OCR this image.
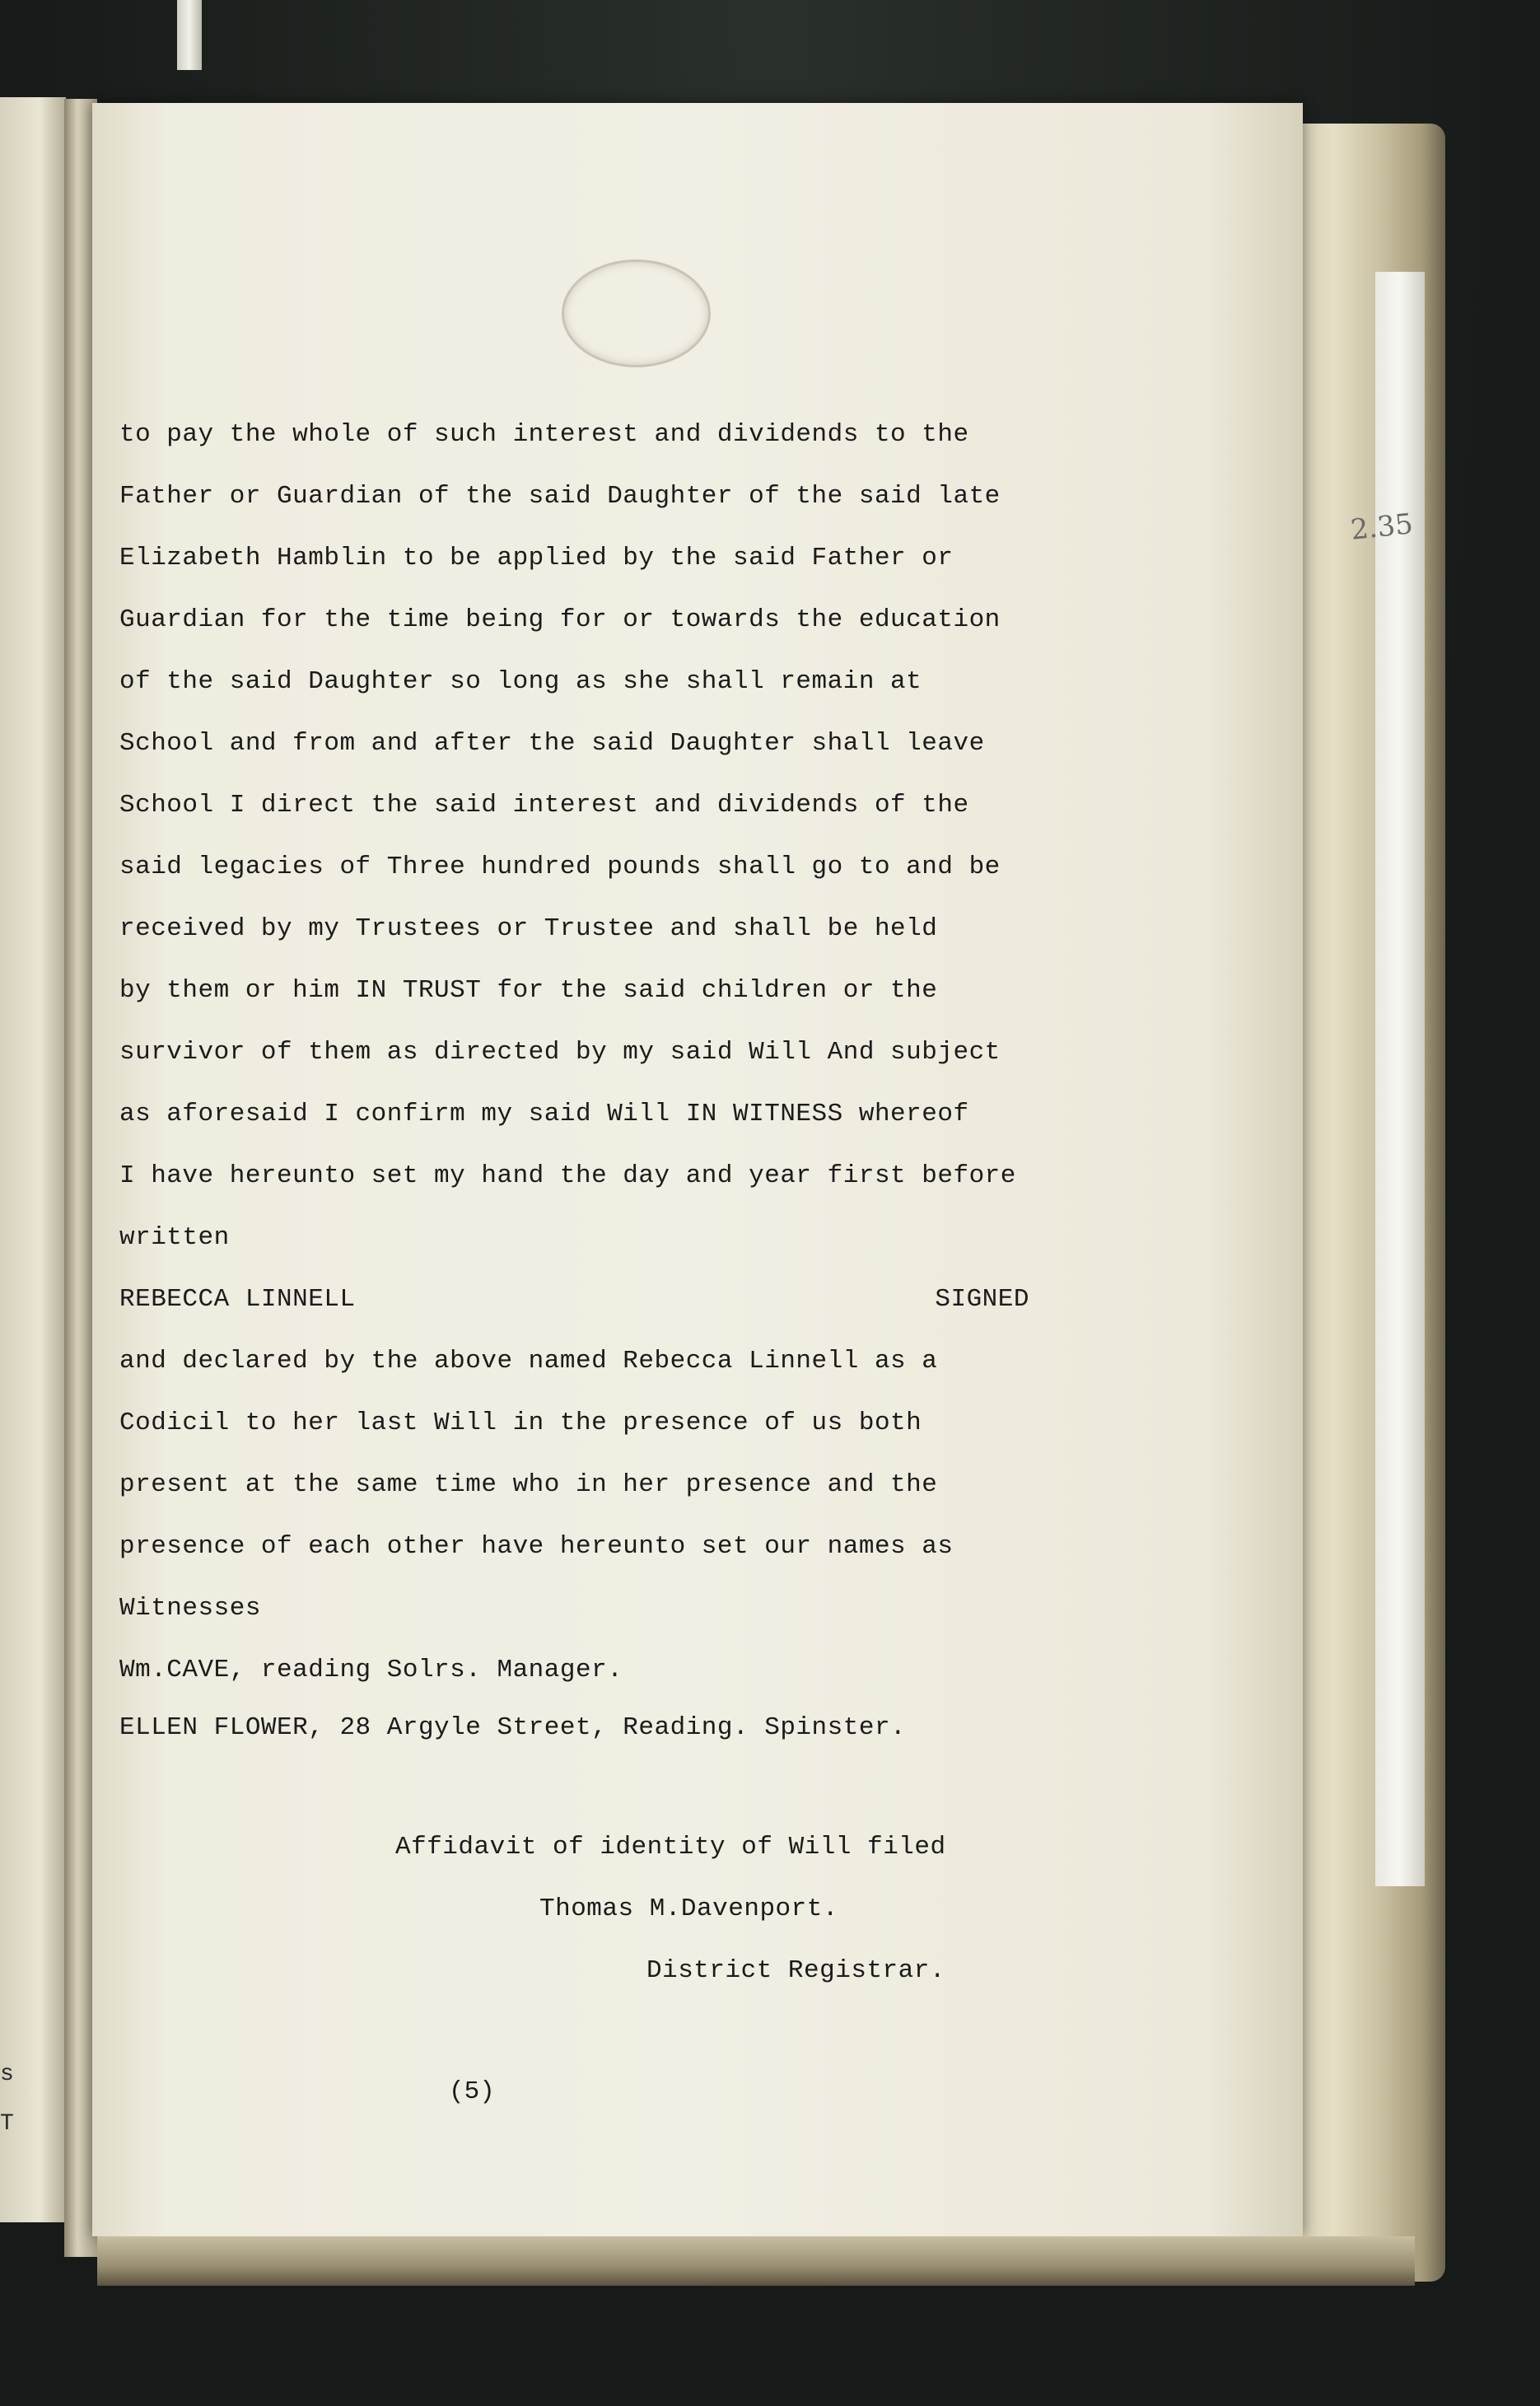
s
T
2.35
to pay the whole of such interest and dividends to the
Father or Guardian of the said Daughter of the said late
Elizabeth Hamblin to be applied by the said Father or
Guardian for the time being for or towards the education
of the said Daughter so long as she shall remain at
School and from and after the said Daughter shall leave
School I direct the said interest and dividends of the
said legacies of Three hundred pounds shall go to and be
received by my Trustees or Trustee and shall be held
by them or him IN TRUST for the said children or the
survivor of them as directed by my said Will And subject
as aforesaid I confirm my said Will IN WITNESS whereof
I have hereunto set my hand the day and year first before
written
REBECCA LINNELL	SIGNED
and declared by the above named Rebecca Linnell as a
Codicil to her last Will in the presence of us both
present at the same time who in her presence and the
presence of each other have hereunto set our names as
Witnesses
Wm.CAVE, reading Solrs. Manager.
ELLEN FLOWER, 28 Argyle Street, Reading. Spinster.
Affidavit of identity of Will filed
Thomas M.Davenport.
District Registrar.
(5)
